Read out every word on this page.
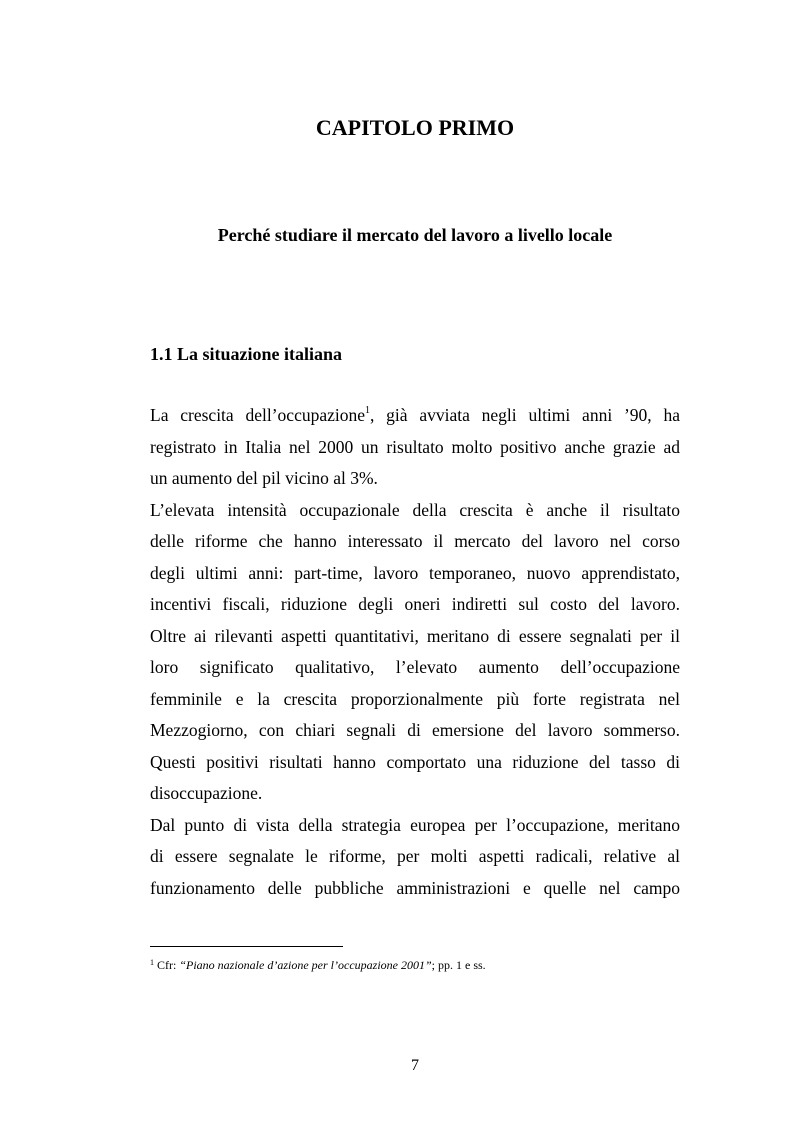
CAPITOLO PRIMO
Perché studiare il mercato del lavoro a livello locale
1.1 La situazione italiana
La crescita dell’occupazione$^1$, già avviata negli ultimi anni ’90, ha
registrato in Italia nel 2000 un risultato molto positivo anche grazie ad
un aumento del pil vicino al 3%.
L’elevata intensità occupazionale della crescita è anche il risultato
delle riforme che hanno interessato il mercato del lavoro nel corso
degli ultimi anni: part-time, lavoro temporaneo, nuovo apprendistato,
incentivi fiscali, riduzione degli oneri indiretti sul costo del lavoro.
Oltre ai rilevanti aspetti quantitativi, meritano di essere segnalati per il
loro significato qualitativo, l’elevato aumento dell’occupazione
femminile e la crescita proporzionalmente più forte registrata nel
Mezzogiorno, con chiari segnali di emersione del lavoro sommerso.
Questi positivi risultati hanno comportato una riduzione del tasso di
disoccupazione.
Dal punto di vista della strategia europea per l’occupazione, meritano
di essere segnalate le riforme, per molti aspetti radicali, relative al
funzionamento delle pubbliche amministrazioni e quelle nel campo
$^1$ Cfr: “Piano nazionale d’azione per l’occupazione 2001”; pp. 1 e ss.
7
